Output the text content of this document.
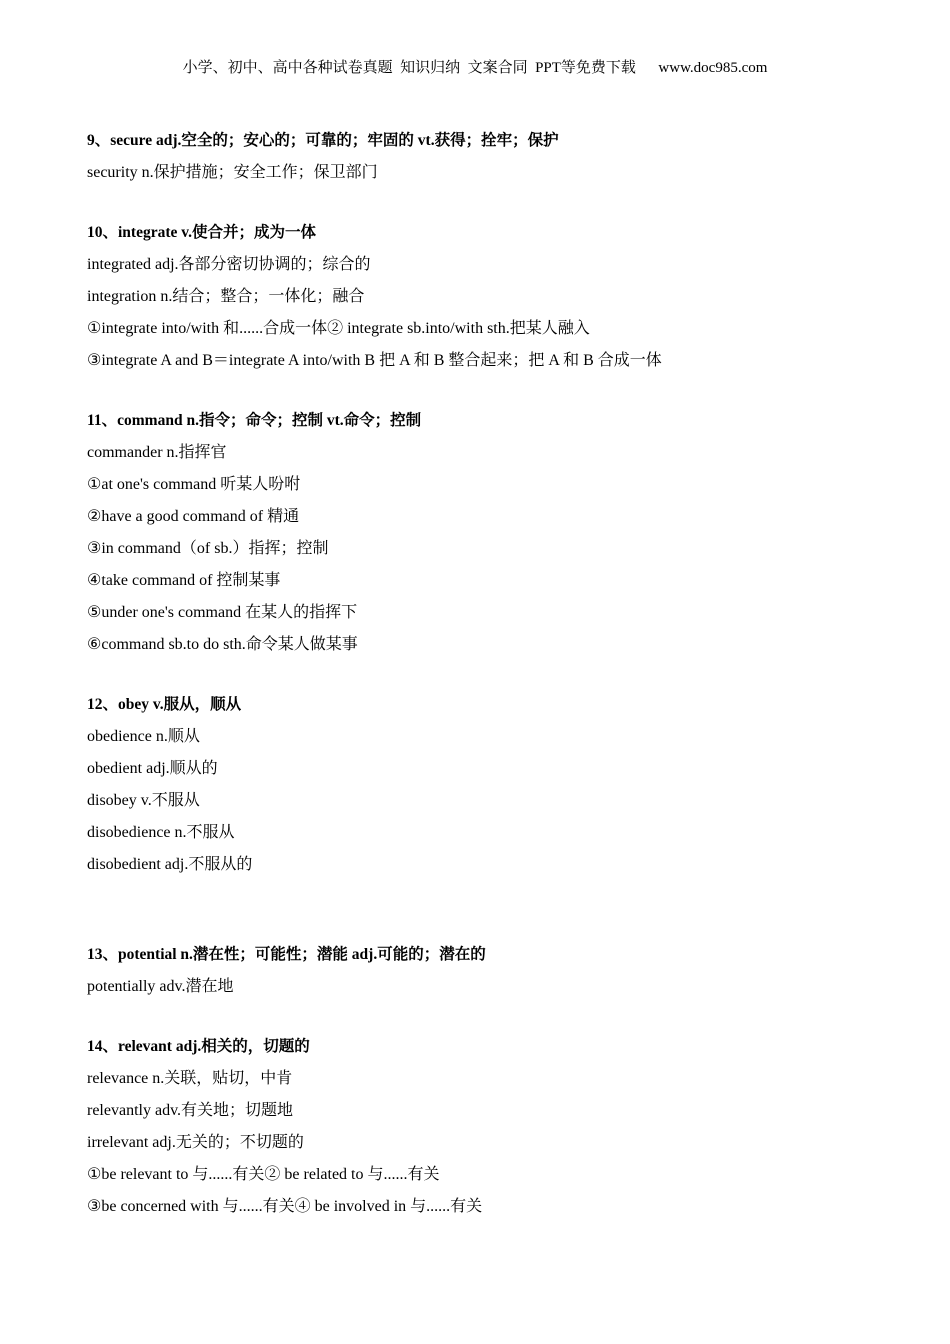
小学、初中、高中各种试卷真题  知识归纳  文案合同  PPT等免费下载      www.doc985.com
9、secure adj.空全的；安心的；可靠的；牢固的 vt.获得；拴牢；保护
security n.保护措施；安全工作；保卫部门
10、integrate v.使合并；成为一体
integrated adj.各部分密切协调的；综合的
integration n.结合；整合；一体化；融合
①integrate into/with 和......合成一体② integrate sb.into/with sth.把某人融入
③integrate A and B＝integrate A into/with B 把 A 和 B 整合起来；把 A 和 B 合成一体
11、command n.指令；命令；控制 vt.命令；控制
commander n.指挥官
①at one's command 听某人吩咐
②have a good command of 精通
③in command（of sb.）指挥；控制
④take command of 控制某事
⑤under one's command 在某人的指挥下
⑥command sb.to do sth.命令某人做某事
12、obey v.服从，顺从
obedience n.顺从
obedient adj.顺从的
disobey v.不服从
disobedience n.不服从
disobedient adj.不服从的
13、potential n.潜在性；可能性；潜能 adj.可能的；潜在的
potentially adv.潜在地
14、relevant adj.相关的，切题的
relevance n.关联，贴切，中肯
relevantly adv.有关地；切题地
irrelevant adj.无关的；不切题的
①be relevant to 与......有关② be related to 与......有关
③be concerned with 与......有关④ be involved in 与......有关
